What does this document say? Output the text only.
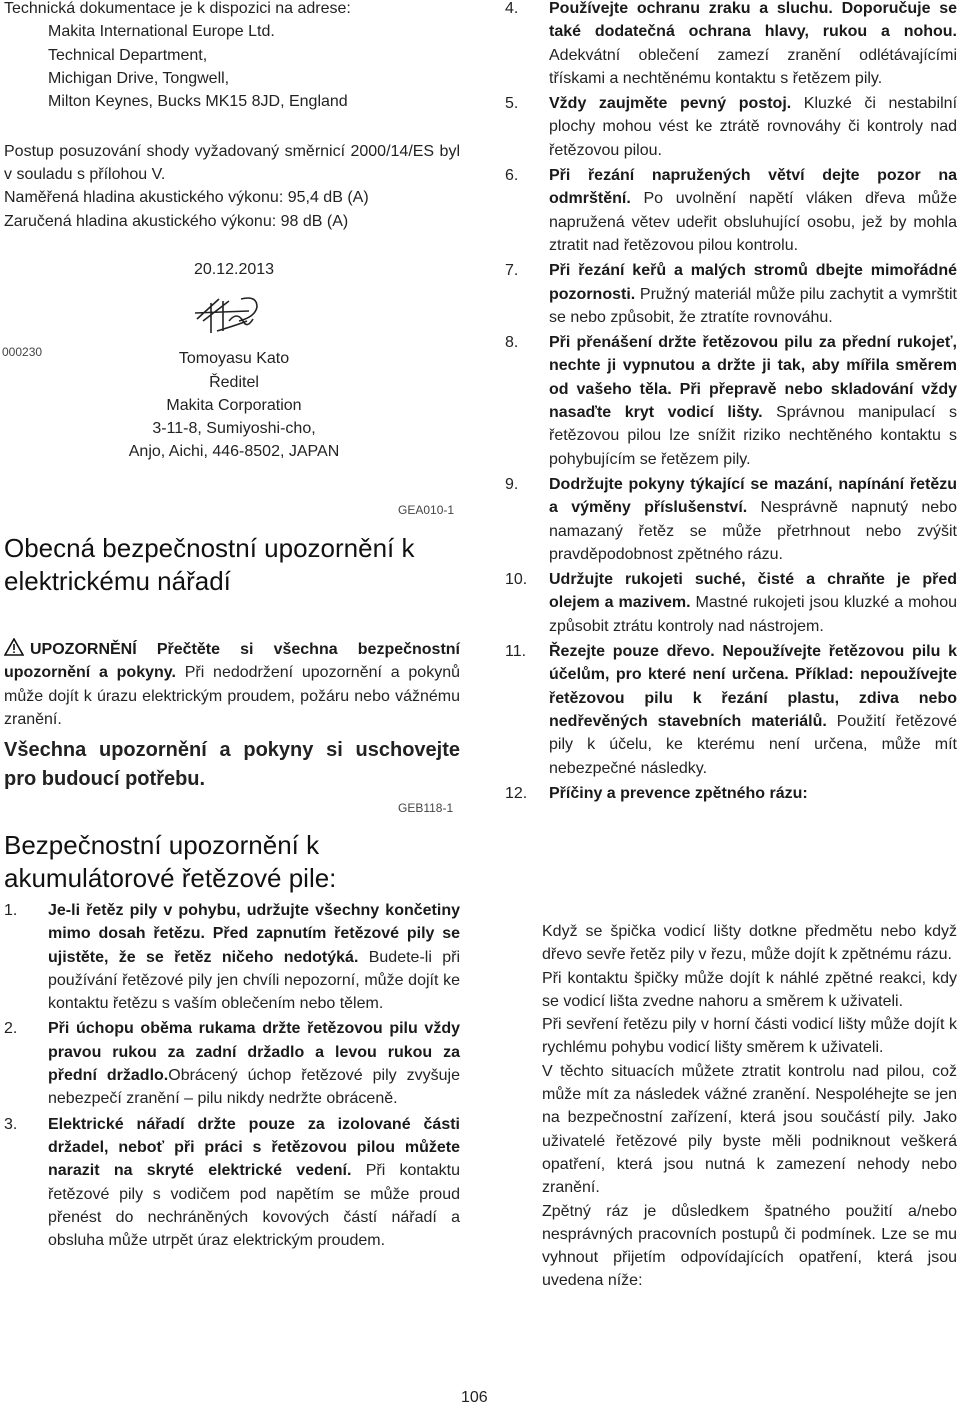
Technická dokumentace je k dispozici na adrese:

Makita International Europe Ltd.

Technical Department,

Michigan Drive, Tongwell,

Milton Keynes, Bucks MK15 8JD, England

Postup posuzování shody vyžadovaný směrnicí 2000/14/ES byl v souladu s přílohou V.

Naměřená hladina akustického výkonu: 95,4 dB (A)

Zaručená hladina akustického výkonu: 98 dB (A)

000230
20.12.2013
Tomoyasu Kato
Ředitel
Makita Corporation
3-11-8, Sumiyoshi-cho,
Anjo, Aichi, 446-8502, JAPAN
GEA010-1
Obecná bezpečnostní upozornění k elektrickému nářadí

UPOZORNĚNÍ Přečtěte si všechna bezpečnostní upozornění a pokyny. Při nedodržení upozornění a pokynů může dojít k úrazu elektrickým proudem, požáru nebo vážnému zranění.

Všechna upozornění a pokyny si uschovejte pro budoucí potřebu.
GEB118-1
Bezpečnostní upozornění k akumulátorové řetězové pile:
1. Je-li řetěz pily v pohybu, udržujte všechny končetiny mimo dosah řetězu. Před zapnutím řetězové pily se ujistěte, že se řetěz ničeho nedotýká. Budete-li při používání řetězové pily jen chvíli nepozorní, může dojít ke kontaktu řetězu s vaším oblečením nebo tělem.
2. Při úchopu oběma rukama držte řetězovou pilu vždy pravou rukou za zadní držadlo a levou rukou za přední držadlo.Obrácený úchop řetězové pily zvyšuje nebezpečí zranění – pilu nikdy nedržte obráceně.
3. Elektrické nářadí držte pouze za izolované části držadel, neboť při práci s řetězovou pilou můžete narazit na skryté elektrické vedení. Při kontaktu řetězové pily s vodičem pod napětím se může proud přenést do nechráněných kovových částí nářadí a obsluha může utrpět úraz elektrickým proudem.
4. Používejte ochranu zraku a sluchu. Doporučuje se také dodatečná ochrana hlavy, rukou a nohou. Adekvátní oblečení zamezí zranění odlétávajícími třískami a nechtěnému kontaktu s řetězem pily.
5. Vždy zaujměte pevný postoj. Kluzké či nestabilní plochy mohou vést ke ztrátě rovnováhy či kontroly nad řetězovou pilou.
6. Při řezání napružených větví dejte pozor na odmrštění. Po uvolnění napětí vláken dřeva může napružená větev udeřit obsluhující osobu, jež by mohla ztratit nad řetězovou pilou kontrolu.
7. Při řezání keřů a malých stromů dbejte mimořádné pozornosti. Pružný materiál může pilu zachytit a vymrštit se nebo způsobit, že ztratíte rovnováhu.
8. Při přenášení držte řetězovou pilu za přední rukojeť, nechte ji vypnutou a držte ji tak, aby mířila směrem od vašeho těla. Při přepravě nebo skladování vždy nasaďte kryt vodicí lišty. Správnou manipulací s řetězovou pilou lze snížit riziko nechtěného kontaktu s pohybujícím se řetězem pily.
9. Dodržujte pokyny týkající se mazání, napínání řetězu a výměny příslušenství. Nesprávně napnutý nebo namazaný řetěz se může přetrhnout nebo zvýšit pravděpodobnost zpětného rázu.
10. Udržujte rukojeti suché, čisté a chraňte je před olejem a mazivem. Mastné rukojeti jsou kluzké a mohou způsobit ztrátu kontroly nad nástrojem.
11. Řezejte pouze dřevo. Nepoužívejte řetězovou pilu k účelům, pro které není určena. Příklad: nepoužívejte řetězovou pilu k řezání plastu, zdiva nebo nedřevěných stavebních materiálů. Použití řetězové pily k účelu, ke kterému není určena, může mít nebezpečné následky.
12. Příčiny a prevence zpětného rázu:

Když se špička vodicí lišty dotkne předmětu nebo když dřevo sevře řetěz pily v řezu, může dojít k zpětnému rázu.

Při kontaktu špičky může dojít k náhlé zpětné reakci, kdy se vodicí lišta zvedne nahoru a směrem k uživateli.

Při sevření řetězu pily v horní části vodicí lišty může dojít k rychlému pohybu vodicí lišty směrem k uživateli.

V těchto situacích můžete ztratit kontrolu nad pilou, což může mít za následek vážné zranění. Nespoléhejte se jen na bezpečnostní zařízení, která jsou součástí pily. Jako uživatelé řetězové pily byste měli podniknout veškerá opatření, která jsou nutná k zamezení nehody nebo zranění.

Zpětný ráz je důsledkem špatného použití a/nebo nesprávných pracovních postupů či podmínek. Lze se mu vyhnout přijetím odpovídajících opatření, která jsou uvedena níže:

106
